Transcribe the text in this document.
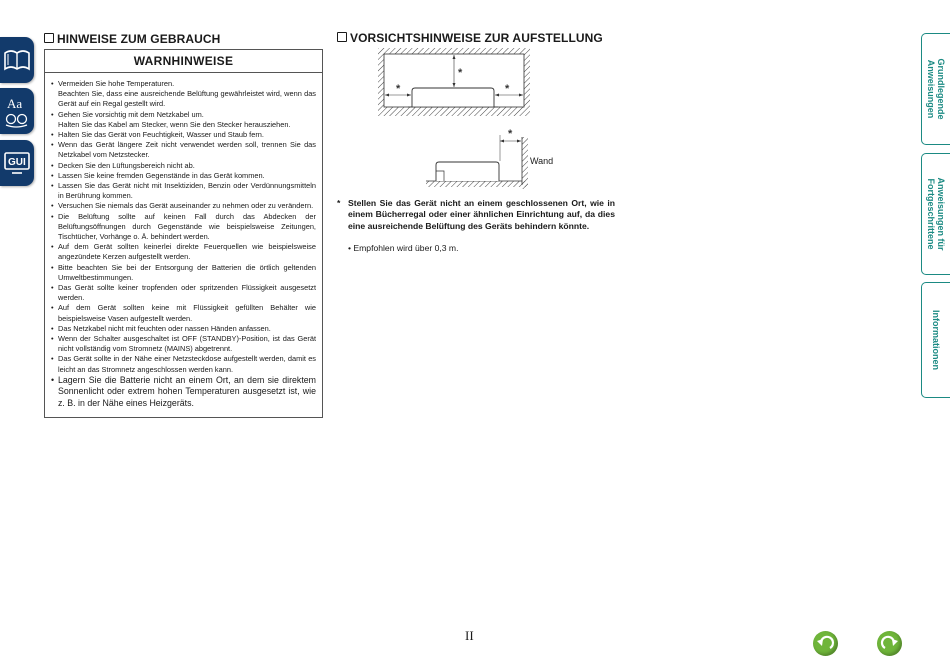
Aa
GUI
HINWEISE ZUM GEBRAUCH
WARNHINWEISE
• Vermeiden Sie hohe Temperaturen.
Beachten Sie, dass eine ausreichende Belüftung gewährleistet wird, wenn das Gerät auf ein Regal gestellt wird.
• Gehen Sie vorsichtig mit dem Netzkabel um.
Halten Sie das Kabel am Stecker, wenn Sie den Stecker herausziehen.
• Halten Sie das Gerät von Feuchtigkeit, Wasser und Staub fern.
• Wenn das Gerät längere Zeit nicht verwendet werden soll, trennen Sie das Netzkabel vom Netzstecker.
• Decken Sie den Lüftungsbereich nicht ab.
• Lassen Sie keine fremden Gegenstände in das Gerät kommen.
• Lassen Sie das Gerät nicht mit Insektiziden, Benzin oder Verdünnungsmitteln in Berührung kommen.
• Versuchen Sie niemals das Gerät auseinander zu nehmen oder zu verändern.
• Die Belüftung sollte auf keinen Fall durch das Abdecken der Belüftungsöffnungen durch Gegenstände wie beispielsweise Zeitungen, Tischtücher, Vorhänge o. Ä. behindert werden.
• Auf dem Gerät sollten keinerlei direkte Feuerquellen wie beispielsweise angezündete Kerzen aufgestellt werden.
• Bitte beachten Sie bei der Entsorgung der Batterien die örtlich geltenden Umweltbestimmungen.
• Das Gerät sollte keiner tropfenden oder spritzenden Flüssigkeit ausgesetzt werden.
• Auf dem Gerät sollten keine mit Flüssigkeit gefüllten Behälter wie beispielsweise Vasen aufgestellt werden.
• Das Netzkabel nicht mit feuchten oder nassen Händen anfassen.
• Wenn der Schalter ausgeschaltet ist OFF (STANDBY)-Position, ist das Gerät nicht vollständig vom Stromnetz (MAINS) abgetrennt.
• Das Gerät sollte in der Nähe einer Netzsteckdose aufgestellt werden, damit es leicht an das Stromnetz angeschlossen werden kann.
• Lagern Sie die Batterie nicht an einem Ort, an dem sie direktem Sonnenlicht oder extrem hohen Temperaturen ausgesetzt ist, wie z. B. in der Nähe eines Heizgeräts.
VORSICHTSHINWEISE ZUR AUFSTELLUNG
*
*	*
*
Wand
* Stellen Sie das Gerät nicht an einem geschlossenen Ort, wie in einem Bücherregal oder einer ähnlichen Einrichtung auf, da dies eine ausreichende Belüftung des Geräts behindern könnte.
• Empfohlen wird über 0,3 m.
Grundlegende Anweisungen
Anweisungen für Fortgeschrittene
Informationen
II
